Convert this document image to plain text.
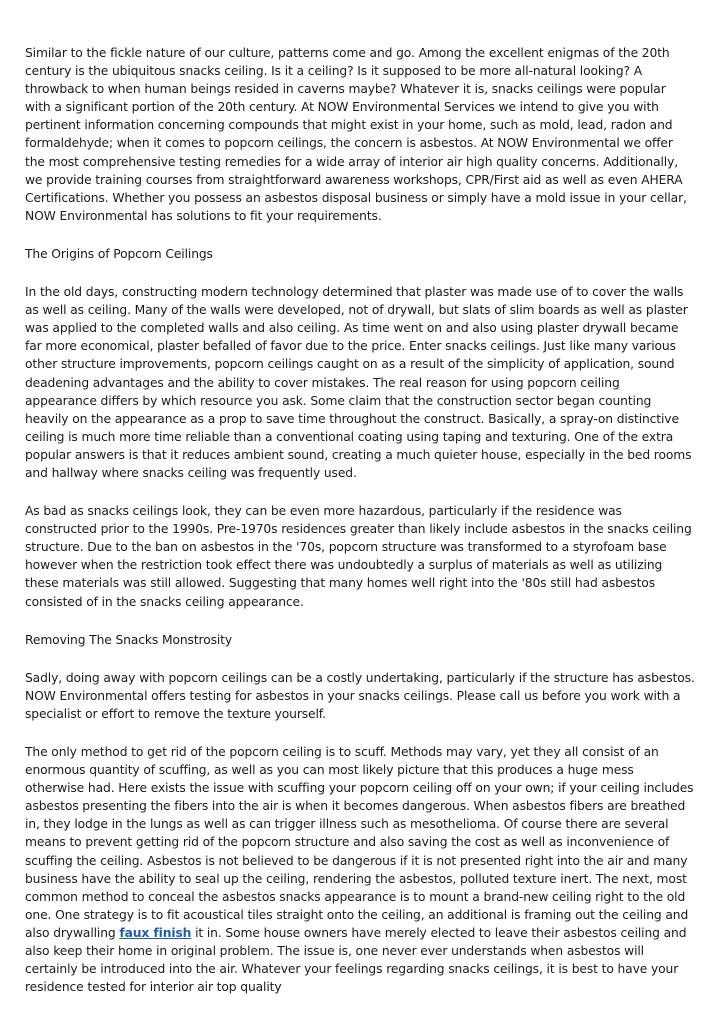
Similar to the fickle nature of our culture, patterns come and go. Among the excellent enigmas of the 20th century is the ubiquitous snacks ceiling. Is it a ceiling? Is it supposed to be more all-natural looking? A throwback to when human beings resided in caverns maybe? Whatever it is, snacks ceilings were popular with a significant portion of the 20th century. At NOW Environmental Services we intend to give you with pertinent information concerning compounds that might exist in your home, such as mold, lead, radon and formaldehyde; when it comes to popcorn ceilings, the concern is asbestos. At NOW Environmental we offer the most comprehensive testing remedies for a wide array of interior air high quality concerns. Additionally, we provide training courses from straightforward awareness workshops, CPR/First aid as well as even AHERA Certifications. Whether you possess an asbestos disposal business or simply have a mold issue in your cellar, NOW Environmental has solutions to fit your requirements.

The Origins of Popcorn Ceilings

In the old days, constructing modern technology determined that plaster was made use of to cover the walls as well as ceiling. Many of the walls were developed, not of drywall, but slats of slim boards as well as plaster was applied to the completed walls and also ceiling. As time went on and also using plaster drywall became far more economical, plaster befalled of favor due to the price. Enter snacks ceilings. Just like many various other structure improvements, popcorn ceilings caught on as a result of the simplicity of application, sound deadening advantages and the ability to cover mistakes. The real reason for using popcorn ceiling appearance differs by which resource you ask. Some claim that the construction sector began counting heavily on the appearance as a prop to save time throughout the construct. Basically, a spray-on distinctive ceiling is much more time reliable than a conventional coating using taping and texturing. One of the extra popular answers is that it reduces ambient sound, creating a much quieter house, especially in the bed rooms and hallway where snacks ceiling was frequently used.

As bad as snacks ceilings look, they can be even more hazardous, particularly if the residence was constructed prior to the 1990s. Pre-1970s residences greater than likely include asbestos in the snacks ceiling structure. Due to the ban on asbestos in the '70s, popcorn structure was transformed to a styrofoam base however when the restriction took effect there was undoubtedly a surplus of materials as well as utilizing these materials was still allowed. Suggesting that many homes well right into the '80s still had asbestos consisted of in the snacks ceiling appearance.

Removing The Snacks Monstrosity

Sadly, doing away with popcorn ceilings can be a costly undertaking, particularly if the structure has asbestos. NOW Environmental offers testing for asbestos in your snacks ceilings. Please call us before you work with a specialist or effort to remove the texture yourself.

The only method to get rid of the popcorn ceiling is to scuff. Methods may vary, yet they all consist of an enormous quantity of scuffing, as well as you can most likely picture that this produces a huge mess otherwise had. Here exists the issue with scuffing your popcorn ceiling off on your own; if your ceiling includes asbestos presenting the fibers into the air is when it becomes dangerous. When asbestos fibers are breathed in, they lodge in the lungs as well as can trigger illness such as mesothelioma. Of course there are several means to prevent getting rid of the popcorn structure and also saving the cost as well as inconvenience of scuffing the ceiling. Asbestos is not believed to be dangerous if it is not presented right into the air and many business have the ability to seal up the ceiling, rendering the asbestos, polluted texture inert. The next, most common method to conceal the asbestos snacks appearance is to mount a brand-new ceiling right to the old one. One strategy is to fit acoustical tiles straight onto the ceiling, an additional is framing out the ceiling and also drywalling faux finish it in. Some house owners have merely elected to leave their asbestos ceiling and also keep their home in original problem. The issue is, one never ever understands when asbestos will certainly be introduced into the air. Whatever your feelings regarding snacks ceilings, it is best to have your residence tested for interior air top quality
